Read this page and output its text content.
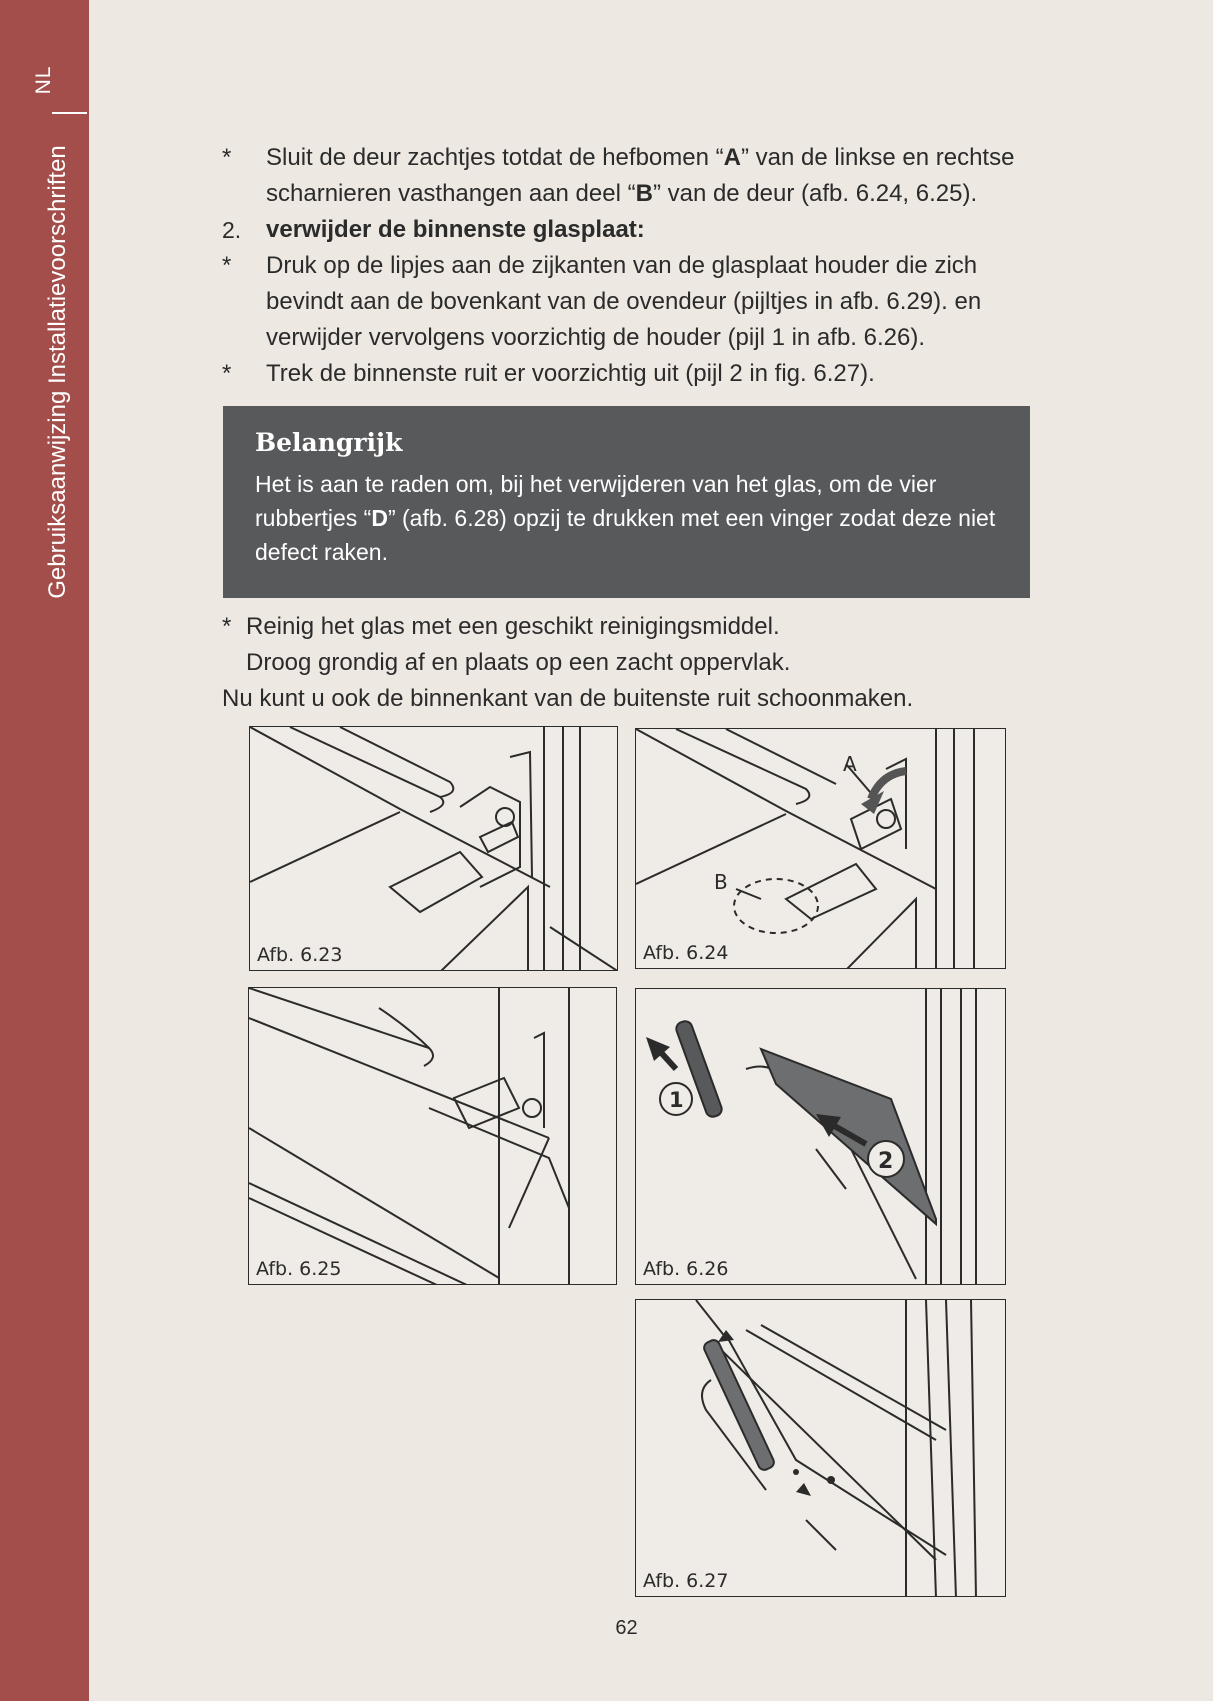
NL
Gebruiksaanwijzing Installatievoorschriften	* Sluit de deur zachtjes totdat de hefbomen “A” van de linkse en rechtse scharnieren vasthangen aan deel “B” van de deur (afb. 6.24, 6.25).
2. verwijder de binnenste glasplaat:
* Druk op de lipjes aan de zijkanten van de glasplaat houder die zich bevindt aan de bovenkant van de ovendeur (pijltjes in afb. 6.29). en verwijder vervolgens voorzichtig de houder (pijl 1 in afb. 6.26).
* Trek de binnenste ruit er voorzichtig uit (pijl 2 in fig. 6.27).
Belangrijk
Het is aan te raden om, bij het verwijderen van het glas, om de vier rubbertjes “D” (afb. 6.28) opzij te drukken met een vinger zodat deze niet defect raken.
* Reinig het glas met een geschikt reinigingsmiddel.
Droog grondig af en plaats op een zacht oppervlak.
Nu kunt u ook de binnenkant van de buitenste ruit schoonmaken.
Afb. 6.23
A
B
Afb. 6.24
Afb. 6.25
1
2
Afb. 6.26
Afb. 6.27
62
